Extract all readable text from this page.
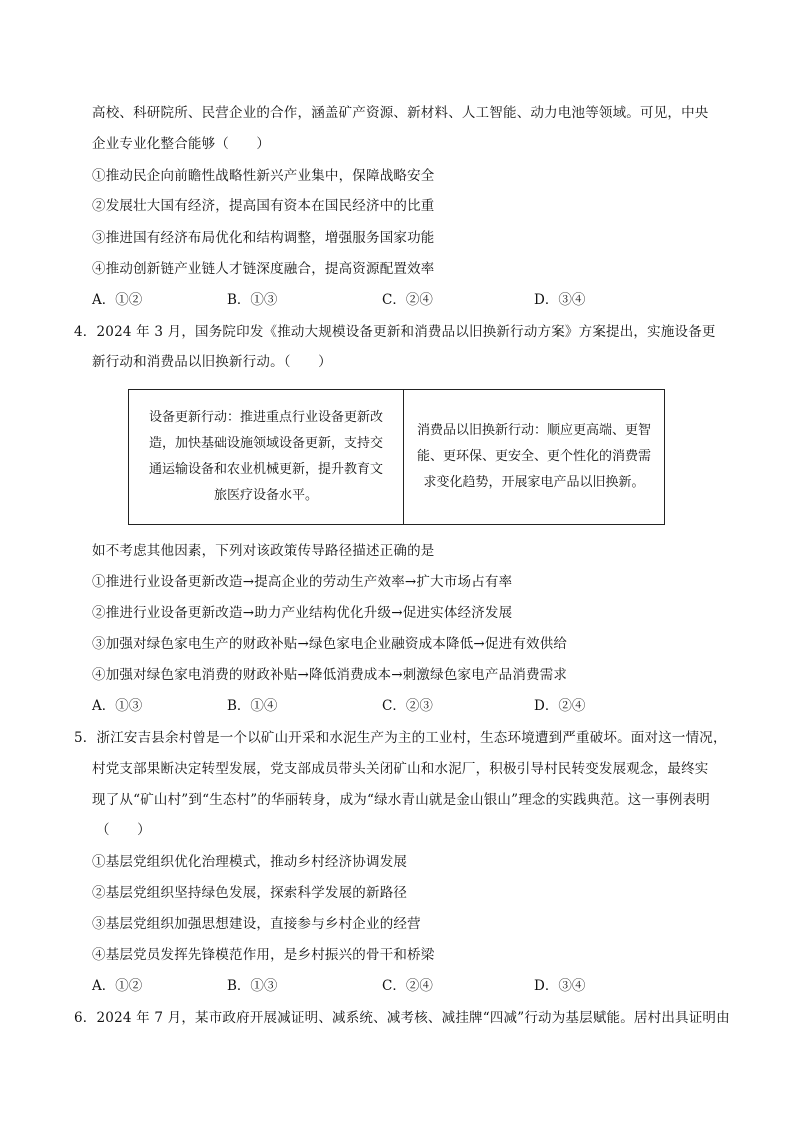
高校、科研院所、民营企业的合作，涵盖矿产资源、新材料、人工智能、动力电池等领域。可见，中央
企业专业化整合能够（　　）
①推动民企向前瞻性战略性新兴产业集中，保障战略安全
②发展壮大国有经济，提高国有资本在国民经济中的比重
③推进国有经济布局优化和结构调整，增强服务国家功能
④推动创新链产业链人才链深度融合，提高资源配置效率
A．①②	B．①③	C．②④	D．③④
4．2024 年 3 月，国务院印发《推动大规模设备更新和消费品以旧换新行动方案》方案提出，实施设备更
新行动和消费品以旧换新行动。（　　）
设备更新行动：推进重点行业设备更新改
造，加快基础设施领域设备更新，支持交
通运输设备和农业机械更新，提升教育文
旅医疗设备水平。

消费品以旧换新行动：顺应更高端、更智
能、更环保、更安全、更个性化的消费需
求变化趋势，开展家电产品以旧换新。
如不考虑其他因素，下列对该政策传导路径描述正确的是
①推进行业设备更新改造→提高企业的劳动生产效率→扩大市场占有率
②推进行业设备更新改造→助力产业结构优化升级→促进实体经济发展
③加强对绿色家电生产的财政补贴→绿色家电企业融资成本降低→促进有效供给
④加强对绿色家电消费的财政补贴→降低消费成本→刺激绿色家电产品消费需求
A．①③	B．①④	C．②③	D．②④
5．浙江安吉县余村曾是一个以矿山开采和水泥生产为主的工业村，生态环境遭到严重破坏。面对这一情况，
村党支部果断决定转型发展，党支部成员带头关闭矿山和水泥厂，积极引导村民转变发展观念，最终实
现了从“矿山村”到“生态村”的华丽转身，成为“绿水青山就是金山银山”理念的实践典范。这一事例表明
（　　）
①基层党组织优化治理模式，推动乡村经济协调发展
②基层党组织坚持绿色发展，探索科学发展的新路径
③基层党组织加强思想建设，直接参与乡村企业的经营
④基层党员发挥先锋模范作用，是乡村振兴的骨干和桥梁
A．①②	B．①③	C．②④	D．③④
6．2024 年 7 月，某市政府开展减证明、减系统、减考核、减挂牌“四减”行动为基层赋能。居村出具证明由
